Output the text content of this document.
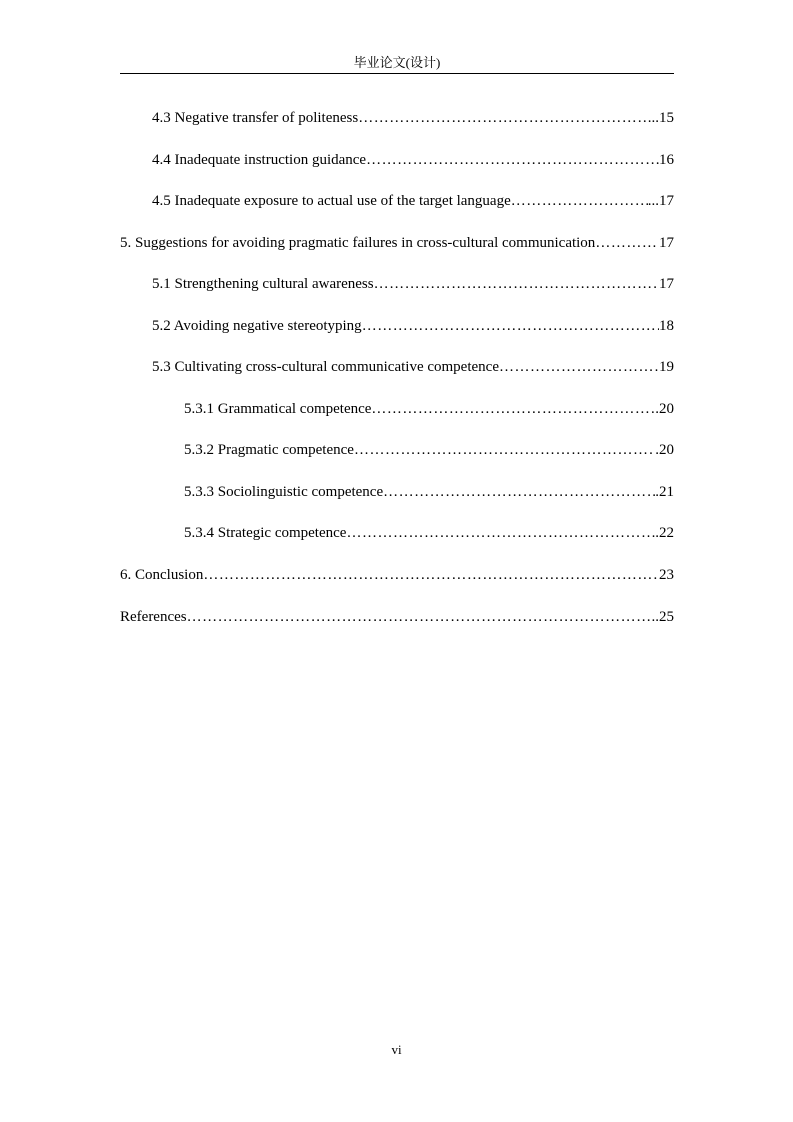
毕业论文(设计)
4.3 Negative transfer of politeness ………………………………………………………………………………………………………………………………………………………………	...15
4.4 Inadequate instruction guidance ………………………………………………………………………………………………………………………………………………………………	16
4.5 Inadequate exposure to actual use of the target language ………………………………………………………………………………………………………………………………………………………………	...17
5. Suggestions for avoiding pragmatic failures in cross-cultural communication ………………………………………………………………………………………………………………………………………………………………	17
5.1 Strengthening cultural awareness ………………………………………………………………………………………………………………………………………………………………	17
5.2 Avoiding negative stereotyping ………………………………………………………………………………………………………………………………………………………………	18
5.3 Cultivating cross-cultural communicative competence ………………………………………………………………………………………………………………………………………………………………	19
5.3.1 Grammatical competence ………………………………………………………………………………………………………………………………………………………………	.20
5.3.2 Pragmatic competence ………………………………………………………………………………………………………………………………………………………………	.20
5.3.3 Sociolinguistic competence ………………………………………………………………………………………………………………………………………………………………	.21
5.3.4 Strategic competence ………………………………………………………………………………………………………………………………………………………………	.22
6. Conclusion ………………………………………………………………………………………………………………………………………………………………	23
References ………………………………………………………………………………………………………………………………………………………………	..25
vi
